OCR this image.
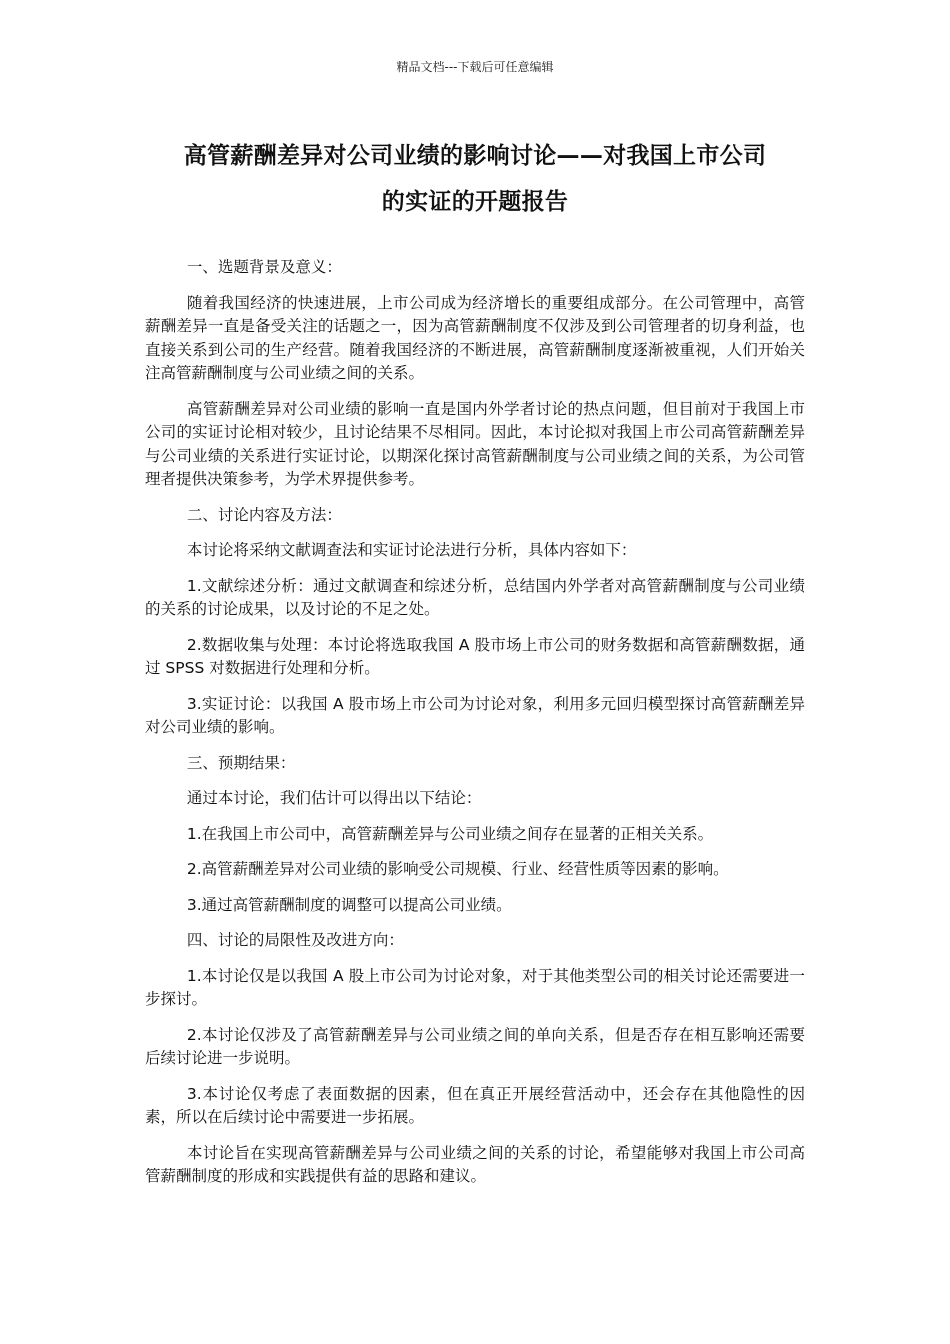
精品文档---下载后可任意编辑
高管薪酬差异对公司业绩的影响讨论——对我国上市公司
的实证的开题报告

一、选题背景及意义：

随着我国经济的快速进展，上市公司成为经济增长的重要组成部分。在公司管理中，高管薪酬差异一直是备受关注的话题之一，因为高管薪酬制度不仅涉及到公司管理者的切身利益，也直接关系到公司的生产经营。随着我国经济的不断进展，高管薪酬制度逐渐被重视，人们开始关注高管薪酬制度与公司业绩之间的关系。

高管薪酬差异对公司业绩的影响一直是国内外学者讨论的热点问题，但目前对于我国上市公司的实证讨论相对较少，且讨论结果不尽相同。因此，本讨论拟对我国上市公司高管薪酬差异与公司业绩的关系进行实证讨论，以期深化探讨高管薪酬制度与公司业绩之间的关系，为公司管理者提供决策参考，为学术界提供参考。

二、讨论内容及方法：

本讨论将采纳文献调查法和实证讨论法进行分析，具体内容如下：

1.文献综述分析：通过文献调查和综述分析，总结国内外学者对高管薪酬制度与公司业绩的关系的讨论成果，以及讨论的不足之处。

2.数据收集与处理：本讨论将选取我国 A 股市场上市公司的财务数据和高管薪酬数据，通过 SPSS 对数据进行处理和分析。

3.实证讨论：以我国 A 股市场上市公司为讨论对象，利用多元回归模型探讨高管薪酬差异对公司业绩的影响。

三、预期结果：

通过本讨论，我们估计可以得出以下结论：

1.在我国上市公司中，高管薪酬差异与公司业绩之间存在显著的正相关关系。

2.高管薪酬差异对公司业绩的影响受公司规模、行业、经营性质等因素的影响。

3.通过高管薪酬制度的调整可以提高公司业绩。

四、讨论的局限性及改进方向：

1.本讨论仅是以我国 A 股上市公司为讨论对象，对于其他类型公司的相关讨论还需要进一步探讨。

2.本讨论仅涉及了高管薪酬差异与公司业绩之间的单向关系，但是否存在相互影响还需要后续讨论进一步说明。

3.本讨论仅考虑了表面数据的因素，但在真正开展经营活动中，还会存在其他隐性的因素，所以在后续讨论中需要进一步拓展。

本讨论旨在实现高管薪酬差异与公司业绩之间的关系的讨论，希望能够对我国上市公司高管薪酬制度的形成和实践提供有益的思路和建议。
